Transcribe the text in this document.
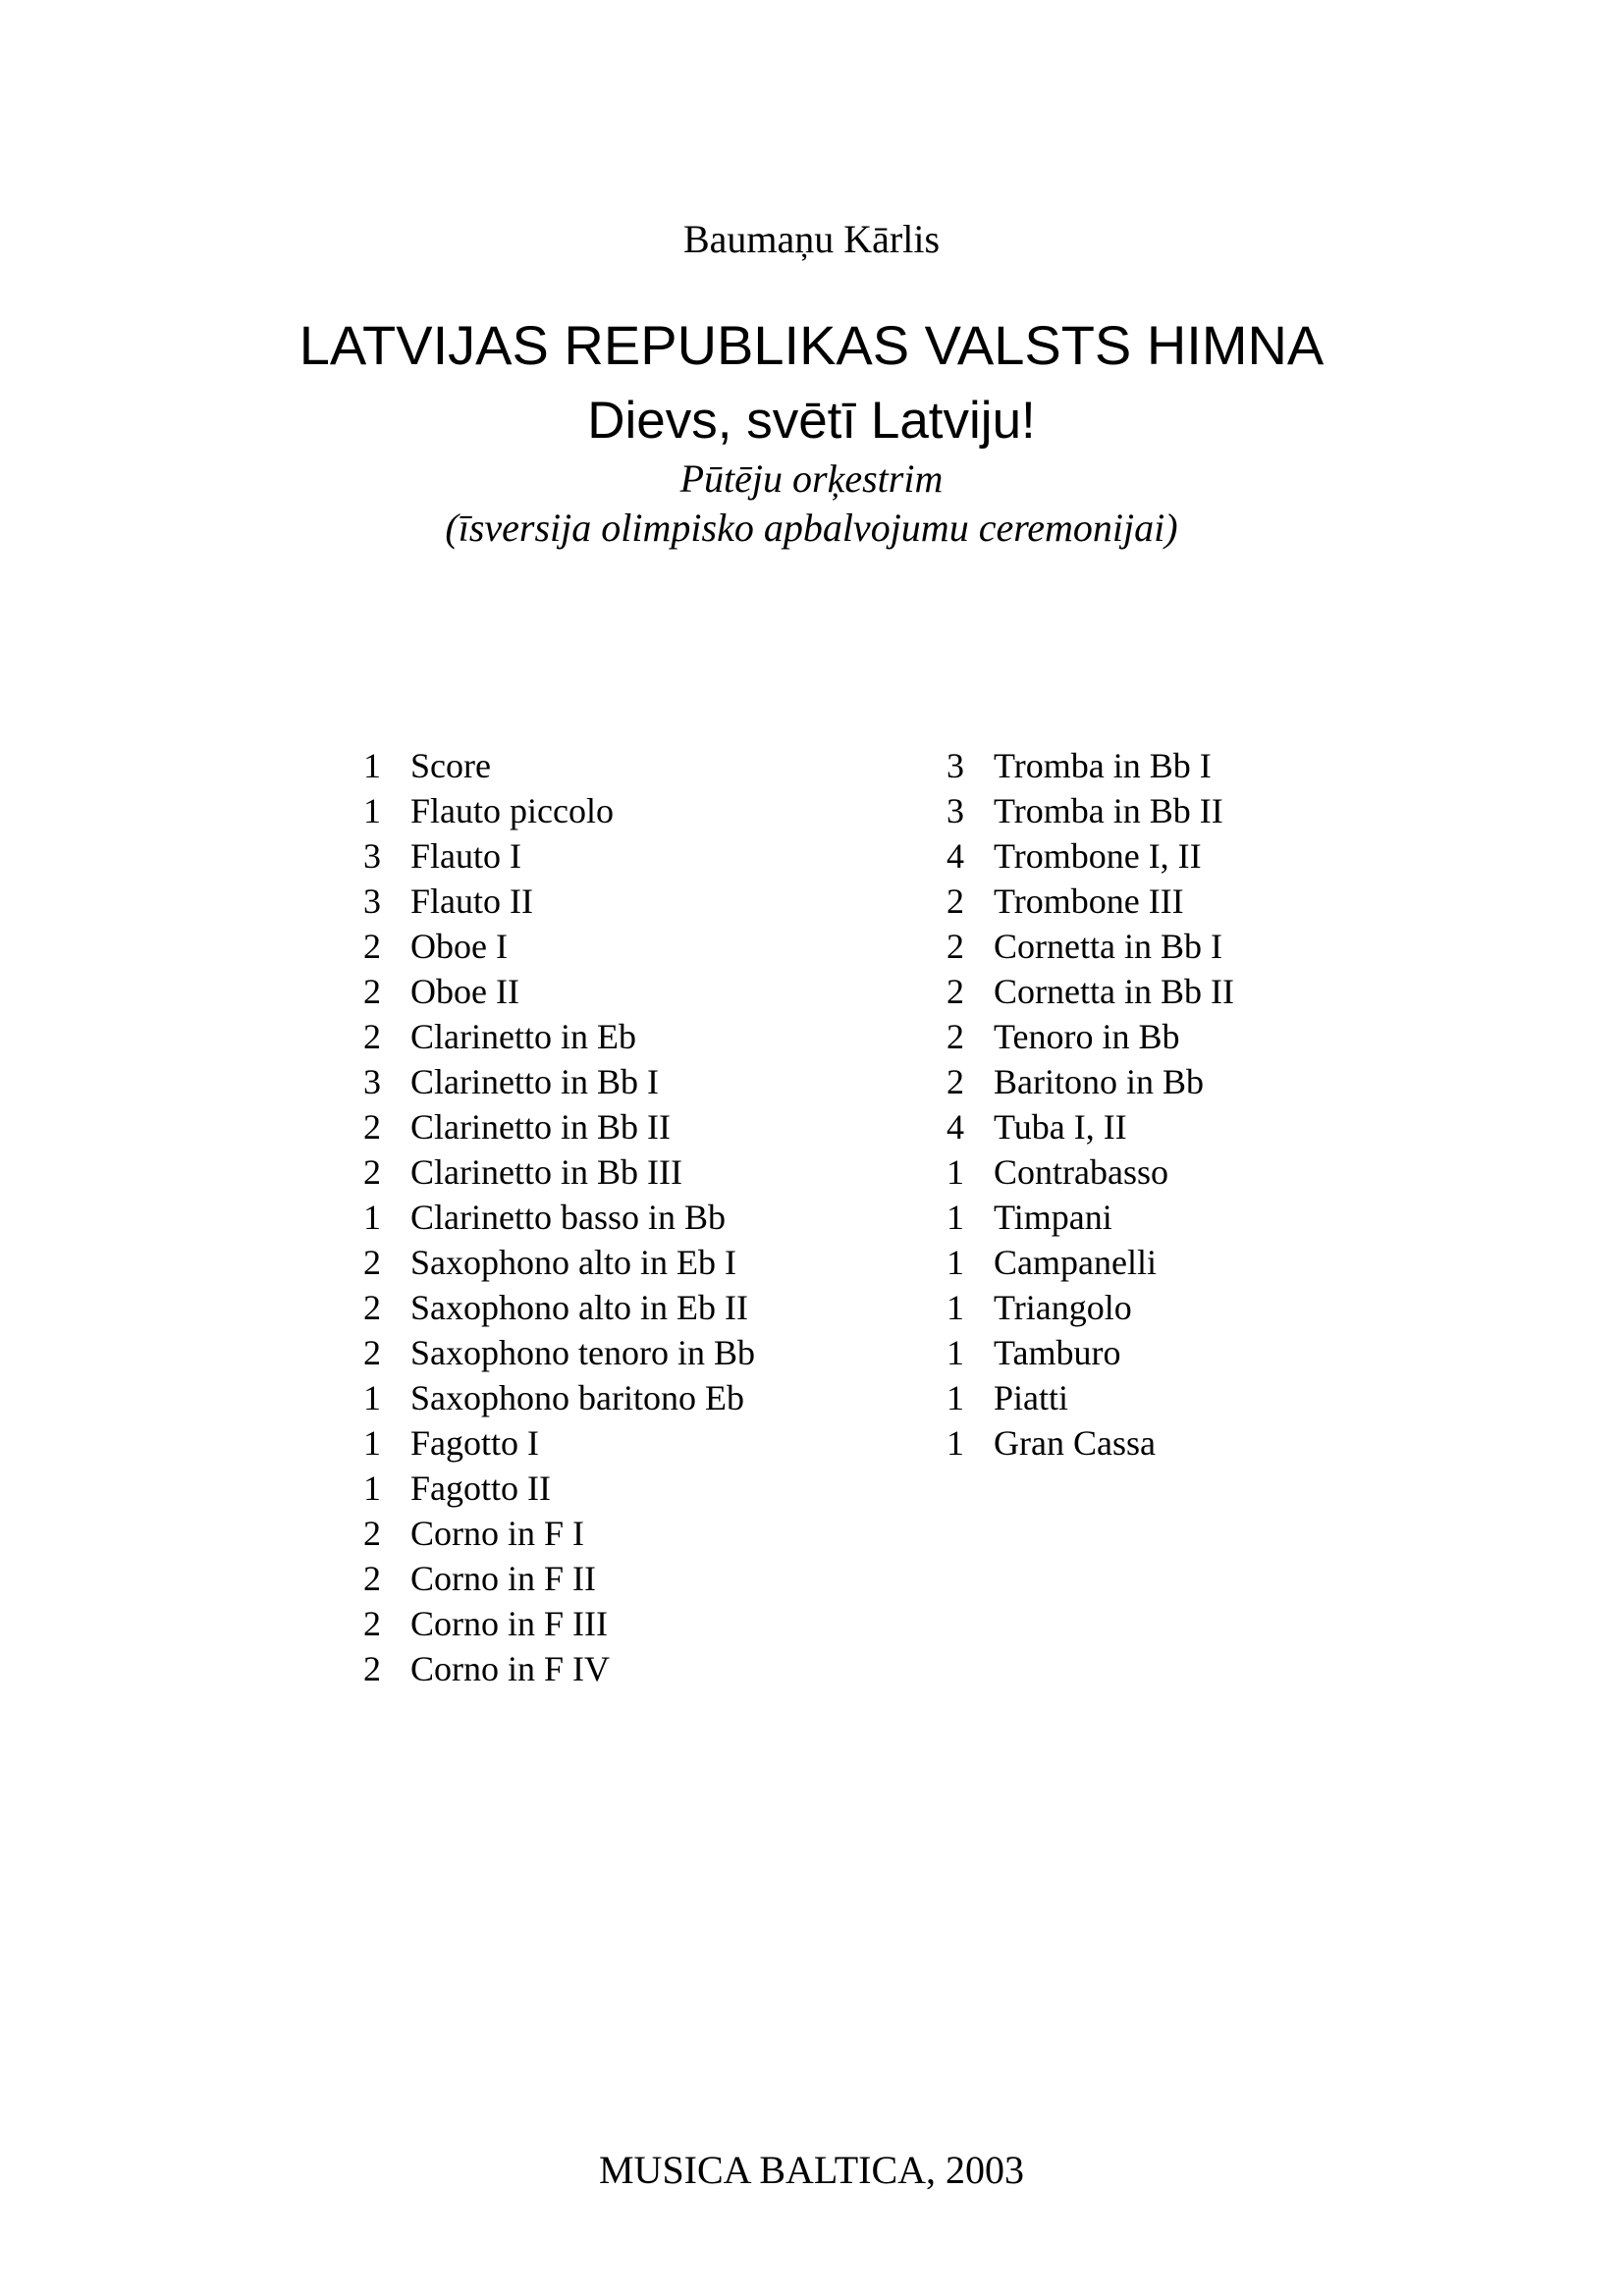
Baumaņu Kārlis
LATVIJAS REPUBLIKAS VALSTS HIMNA
Dievs, svētī Latviju!
Pūtēju orķestrim
(īsversija olimpisko apbalvojumu ceremonijai)
1 Score
1 Flauto piccolo
3 Flauto I
3 Flauto II
2 Oboe I
2 Oboe II
2 Clarinetto in Eb
3 Clarinetto in Bb I
2 Clarinetto in Bb II
2 Clarinetto in Bb III
1 Clarinetto basso in Bb
2 Saxophono alto in Eb I
2 Saxophono alto in Eb II
2 Saxophono tenoro in Bb
1 Saxophono baritono Eb
1 Fagotto I
1 Fagotto II
2 Corno in F I
2 Corno in F II
2 Corno in F III
2 Corno in F IV
3 Tromba in Bb I
3 Tromba in Bb II
4 Trombone I, II
2 Trombone III
2 Cornetta in Bb I
2 Cornetta in Bb II
2 Tenoro in Bb
2 Baritono in Bb
4 Tuba I, II
1 Contrabasso
1 Timpani
1 Campanelli
1 Triangolo
1 Tamburo
1 Piatti
1 Gran Cassa
MUSICA BALTICA, 2003
